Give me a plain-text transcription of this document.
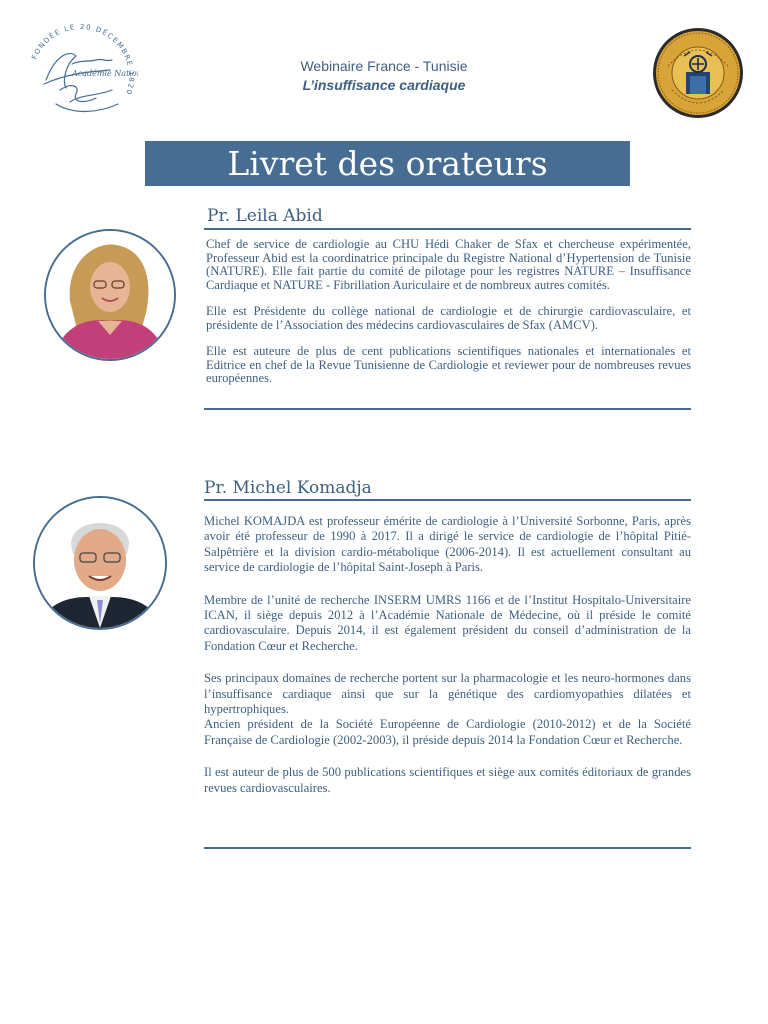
FONDÉE LE 20 DÉCEMBRE 1820
Académie Natio	Webinaire France - Tunisie
L’insuffisance cardiaque
Livret des orateurs
Pr. Leila Abid

Chef de service de cardiologie au CHU Hédi Chaker de Sfax et chercheuse expérimentée, Professeur Abid est la coordinatrice principale du Registre National d’Hypertension de Tunisie (NATURE). Elle fait partie du comité de pilotage pour les registres NATURE – Insuffisance Cardiaque et NATURE - Fibrillation Auriculaire et de nombreux autres comités.

Elle est Présidente du collège national de cardiologie et de chirurgie cardiovasculaire, et présidente de l’Association des médecins cardiovasculaires de Sfax (AMCV).

Elle est auteure de plus de cent publications scientifiques nationales et internationales et Editrice en chef de la Revue Tunisienne de Cardiologie et reviewer pour de nombreuses revues européennes.

Pr. Michel Komadja

Michel KOMAJDA est professeur émérite de cardiologie à l’Université Sorbonne, Paris, après avoir été professeur de 1990 à 2017. Il a dirigé le service de cardiologie de l’hôpital Pitié-Salpêtrière et la division cardio-métabolique (2006-2014). Il est actuellement consultant au service de cardiologie de l’hôpital Saint-Joseph à Paris.

Membre de l’unité de recherche INSERM UMRS 1166 et de l’Institut Hospitalo-Universitaire ICAN, il siège depuis 2012 à l’Académie Nationale de Médecine, où il préside le comité cardiovasculaire. Depuis 2014, il est également président du conseil d’administration de la Fondation Cœur et Recherche.

Ses principaux domaines de recherche portent sur la pharmacologie et les neuro-hormones dans l’insuffisance cardiaque ainsi que sur la génétique des cardiomyopathies dilatées et hypertrophiques.

Ancien président de la Société Européenne de Cardiologie (2010-2012) et de la Société Française de Cardiologie (2002-2003), il préside depuis 2014 la Fondation Cœur et Recherche.

Il est auteur de plus de 500 publications scientifiques et siège aux comités éditoriaux de grandes revues cardiovasculaires.
